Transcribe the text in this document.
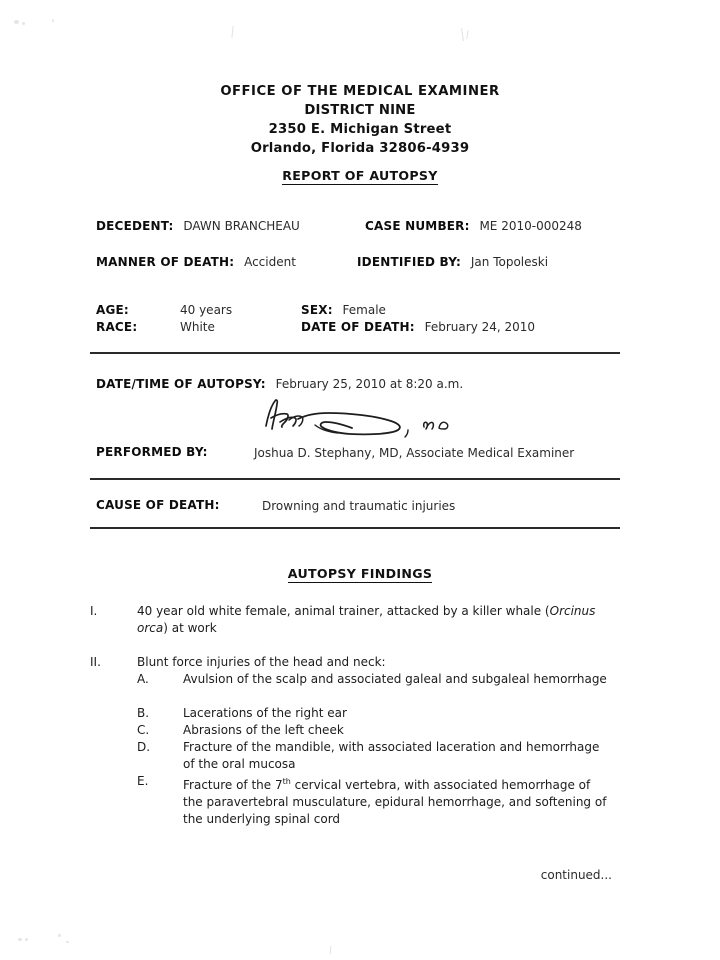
OFFICE OF THE MEDICAL EXAMINER
DISTRICT NINE
2350 E. Michigan Street
Orlando, Florida 32806-4939
REPORT OF AUTOPSY
DECEDENT: DAWN BRANCHEAU	CASE NUMBER: ME 2010-000248
MANNER OF DEATH: Accident	IDENTIFIED BY: Jan Topoleski
AGE:	40 years	SEX: Female
RACE:	White	DATE OF DEATH: February 24, 2010
DATE/TIME OF AUTOPSY: February 25, 2010 at 8:20 a.m.
PERFORMED BY:	Joshua D. Stephany, MD, Associate Medical Examiner
CAUSE OF DEATH:	Drowning and traumatic injuries
AUTOPSY FINDINGS
I.	40 year old white female, animal trainer, attacked by a killer whale (Orcinus orca) at work
II.	Blunt force injuries of the head and neck:
A.	Avulsion of the scalp and associated galeal and subgaleal hemorrhage
B.	Lacerations of the right ear
C.	Abrasions of the left cheek
D.	Fracture of the mandible, with associated laceration and hemorrhage of the oral mucosa
E.	Fracture of the 7th cervical vertebra, with associated hemorrhage of the paravertebral musculature, epidural hemorrhage, and softening of the underlying spinal cord
continued...
